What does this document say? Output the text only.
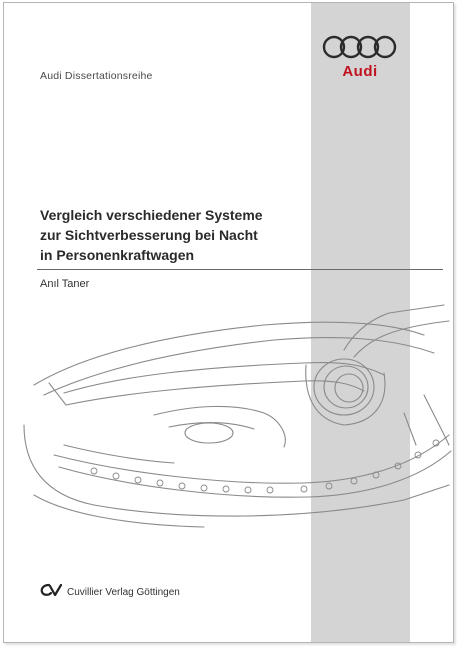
Audi
Audi Dissertationsreihe
Vergleich verschiedener Systeme
zur Sichtverbesserung bei Nacht
in Personenkraftwagen
Anıl Taner
Cuvillier Verlag Göttingen
